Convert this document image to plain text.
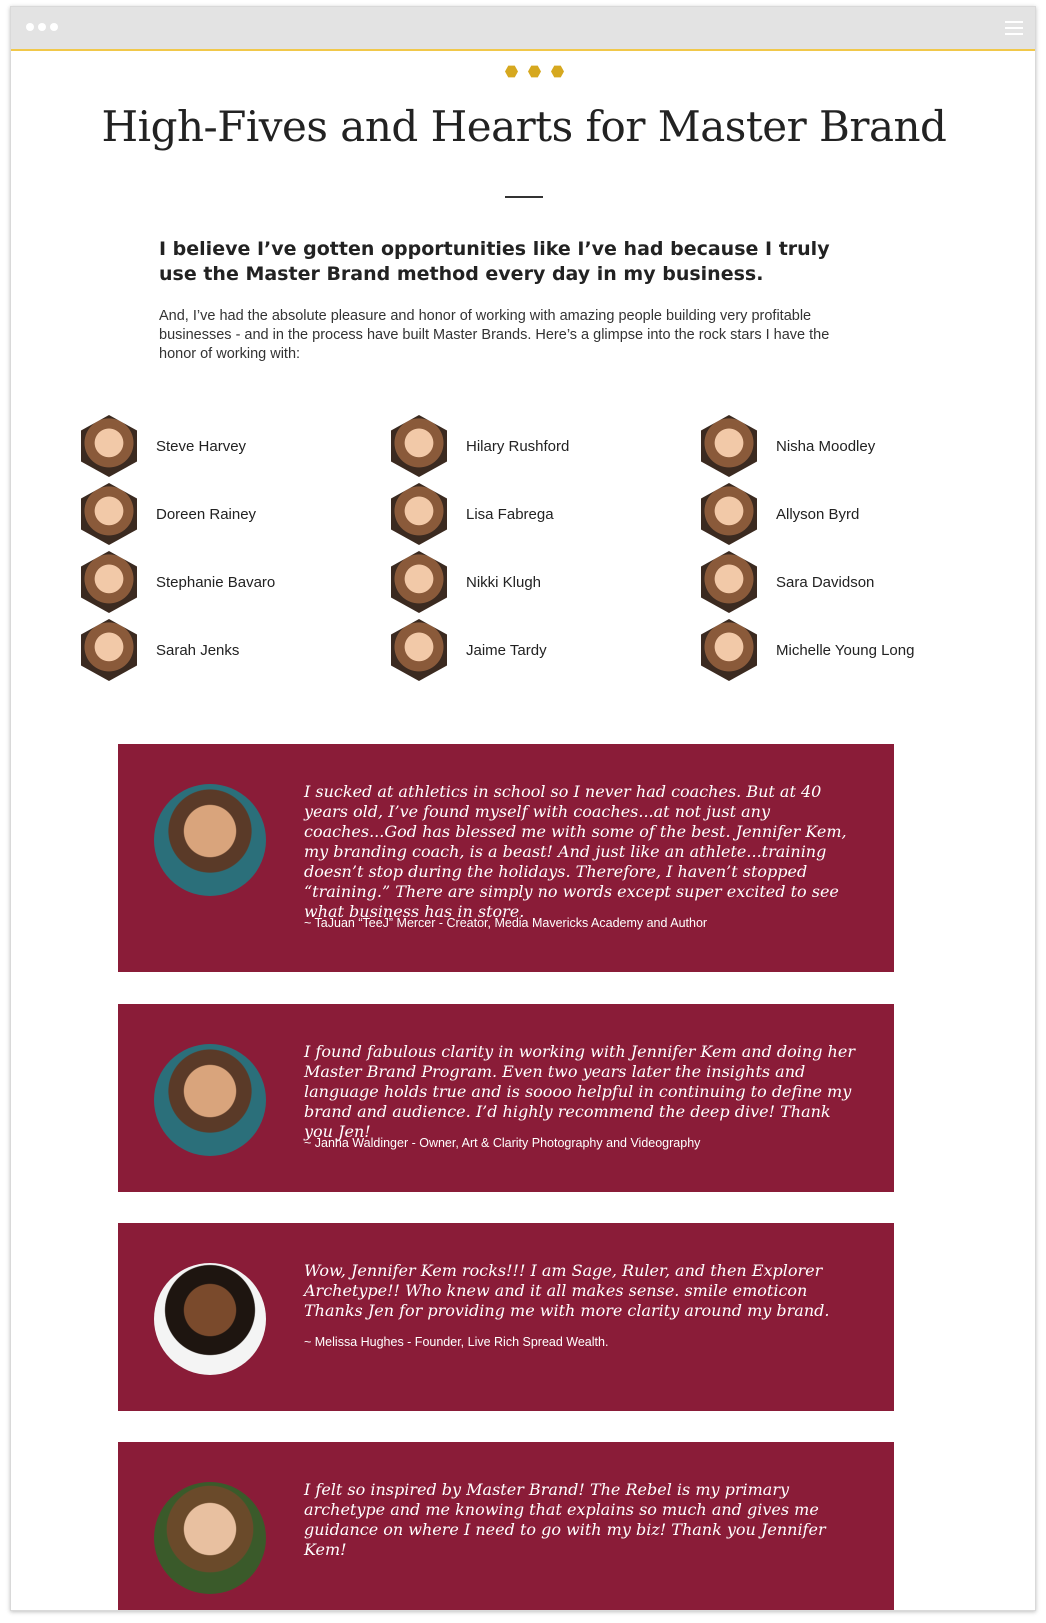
High-Fives and Hearts for Master Brand
I believe I’ve gotten opportunities like I’ve had because I truly use the Master Brand method every day in my business.
And, I’ve had the absolute pleasure and honor of working with amazing people building very profitable businesses - and in the process have built Master Brands. Here’s a glimpse into the rock stars I have the honor of working with:
Steve Harvey	Hilary Rushford	Nisha Moodley
Doreen Rainey	Lisa Fabrega	Allyson Byrd
Stephanie Bavaro	Nikki Klugh	Sara Davidson
Sarah Jenks	Jaime Tardy	Michelle Young Long
I sucked at athletics in school so I never had coaches. But at 40 years old, I’ve found myself with coaches...at not just any coaches...God has blessed me with some of the best. Jennifer Kem, my branding coach, is a beast! And just like an athlete...training doesn’t stop during the holidays. Therefore, I haven’t stopped “training.” There are simply no words except super excited to see what business has in store.
~ TaJuan “TeeJ” Mercer - Creator, Media Mavericks Academy and Author
I found fabulous clarity in working with Jennifer Kem and doing her Master Brand Program. Even two years later the insights and language holds true and is soooo helpful in continuing to define my brand and audience. I’d highly recommend the deep dive! Thank you Jen!
~ Janna Waldinger - Owner, Art & Clarity Photography and Videography
Wow, Jennifer Kem rocks!!! I am Sage, Ruler, and then Explorer Archetype!! Who knew and it all makes sense. smile emoticon Thanks Jen for providing me with more clarity around my brand.
~ Melissa Hughes - Founder, Live Rich Spread Wealth.
I felt so inspired by Master Brand! The Rebel is my primary archetype and me knowing that explains so much and gives me guidance on where I need to go with my biz! Thank you Jennifer Kem!
